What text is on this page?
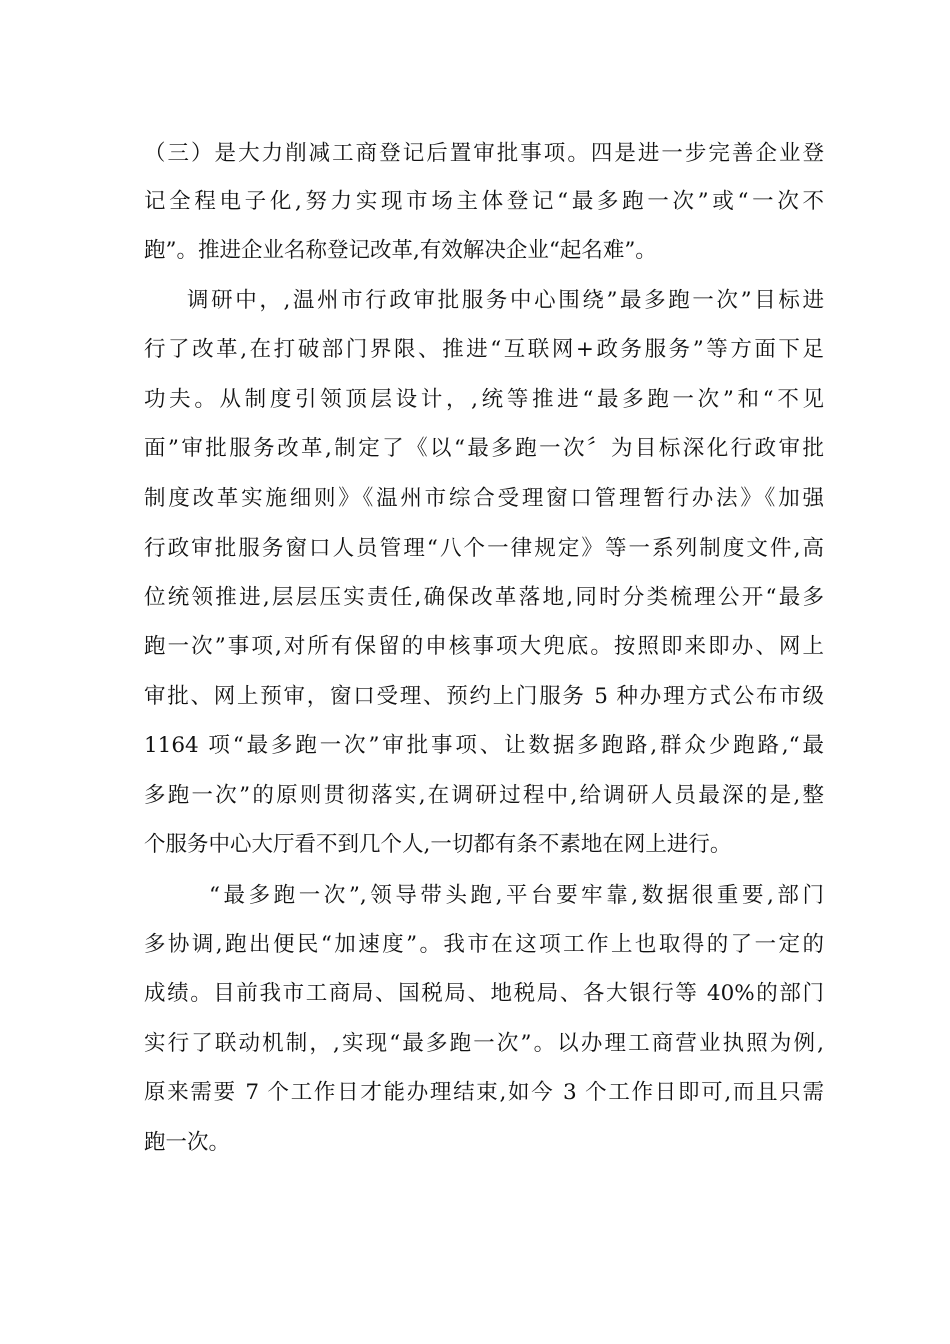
（三）是大力削减工商登记后置审批事项。四是进一步完善企业登
记全程电子化,努力实现市场主体登记“最多跑一次”或“一次不
跑”。推进企业名称登记改革,有效解决企业“起名难”。
调研中，,温州市行政审批服务中心围绕”最多跑一次”目标进
行了改革,在打破部门界限、推进“互联网+政务服务”等方面下足
功夫。从制度引领顶层设计，,统等推进“最多跑一次”和“不见
面”审批服务改革,制定了《以“最多跑一次〞为目标深化行政审批
制度改革实施细则》《温州市综合受理窗口管理暂行办法》《加强
行政审批服务窗口人员管理“八个一律规定》等一系列制度文件,高
位统领推进,层层压实责任,确保改革落地,同时分类梳理公开“最多
跑一次”事项,对所有保留的申核事项大兜底。按照即来即办、网上
审批、网上预审，窗口受理、预约上门服务 5 种办理方式公布市级
1164 项“最多跑一次”审批事项、让数据多跑路,群众少跑路,“最
多跑一次”的原则贯彻落实,在调研过程中,给调研人员最深的是,整
个服务中心大厅看不到几个人,一切都有条不素地在网上进行。
“最多跑一次”,领导带头跑,平台要牢靠,数据很重要,部门
多协调,跑出便民“加速度”。我市在这项工作上也取得的了一定的
成绩。目前我市工商局、国税局、地税局、各大银行等 40%的部门
实行了联动机制，,实现“最多跑一次”。以办理工商营业执照为例,
原来需要 7 个工作日才能办理结束,如今 3 个工作日即可,而且只需
跑一次。
